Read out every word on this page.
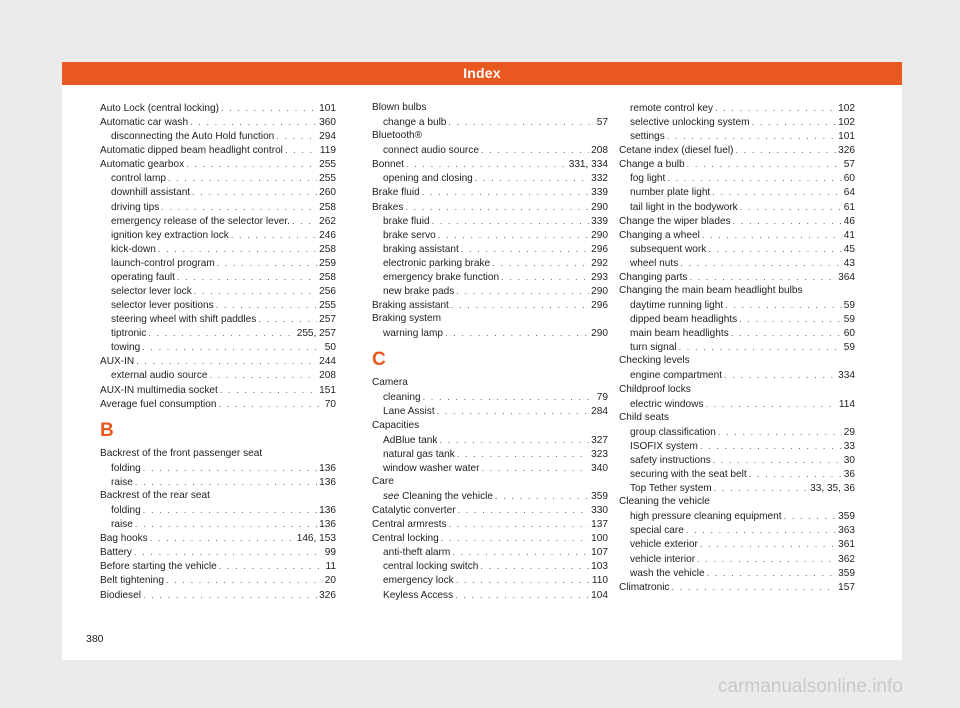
Index
Auto Lock (central locking) . . .	101
Automatic car wash . . .	360
disconnecting the Auto Hold function . . .	294
Automatic dipped beam headlight control . . .	119
Automatic gearbox . . .	255
control lamp . . .	255
downhill assistant . . .	260
driving tips . . .	258
emergency release of the selector lever. . . .	262
ignition key extraction lock . . .	246
kick-down . . .	258
launch-control program . . .	259
operating fault . . .	258
selector lever lock . . .	256
selector lever positions . . .	255
steering wheel with shift paddles . . .	257
tiptronic . . .	255, 257
towing . . .	50
AUX-IN . . .	244
external audio source . . .	208
AUX-IN multimedia socket . . .	151
Average fuel consumption . . .	70
B
Backrest of the front passenger seat
folding . . .	136
raise . . .	136
Backrest of the rear seat
folding . . .	136
raise . . .	136
Bag hooks . . .	146, 153
Battery . . .	99
Before starting the vehicle . . .	11
Belt tightening . . .	20
Biodiesel . . .	326
Blown bulbs
change a bulb . . .	57
Bluetooth®
connect audio source . . .	208
Bonnet . . .	331, 334
opening and closing . . .	332
Brake fluid . . .	339
Brakes . . .	290
brake fluid . . .	339
brake servo . . .	290
braking assistant . . .	296
electronic parking brake . . .	292
emergency brake function . . .	293
new brake pads . . .	290
Braking assistant . . .	296
Braking system
warning lamp . . .	290
C
Camera
cleaning . . .	79
Lane Assist . . .	284
Capacities
AdBlue tank . . .	327
natural gas tank . . .	323
window washer water . . .	340
Care
see Cleaning the vehicle . . .	359
Catalytic converter . . .	330
Central armrests . . .	137
Central locking . . .	100
anti-theft alarm . . .	107
central locking switch . . .	103
emergency lock . . .	110
Keyless Access . . .	104
remote control key . . .	102
selective unlocking system . . .	102
settings . . .	101
Cetane index (diesel fuel) . . .	326
Change a bulb . . .	57
fog light . . .	60
number plate light . . .	64
tail light in the bodywork . . .	61
Change the wiper blades . . .	46
Changing a wheel . . .	41
subsequent work . . .	45
wheel nuts . . .	43
Changing parts . . .	364
Changing the main beam headlight bulbs
daytime running light . . .	59
dipped beam headlights . . .	59
main beam headlights . . .	60
turn signal . . .	59
Checking levels
engine compartment . . .	334
Childproof locks
electric windows . . .	114
Child seats
group classification . . .	29
ISOFIX system . . .	33
safety instructions . . .	30
securing with the seat belt . . .	36
Top Tether system . . .	33, 35, 36
Cleaning the vehicle
high pressure cleaning equipment . . .	359
special care . . .	363
vehicle exterior . . .	361
vehicle interior . . .	362
wash the vehicle . . .	359
Climatronic . . .	157
380
carmanualsonline.info
